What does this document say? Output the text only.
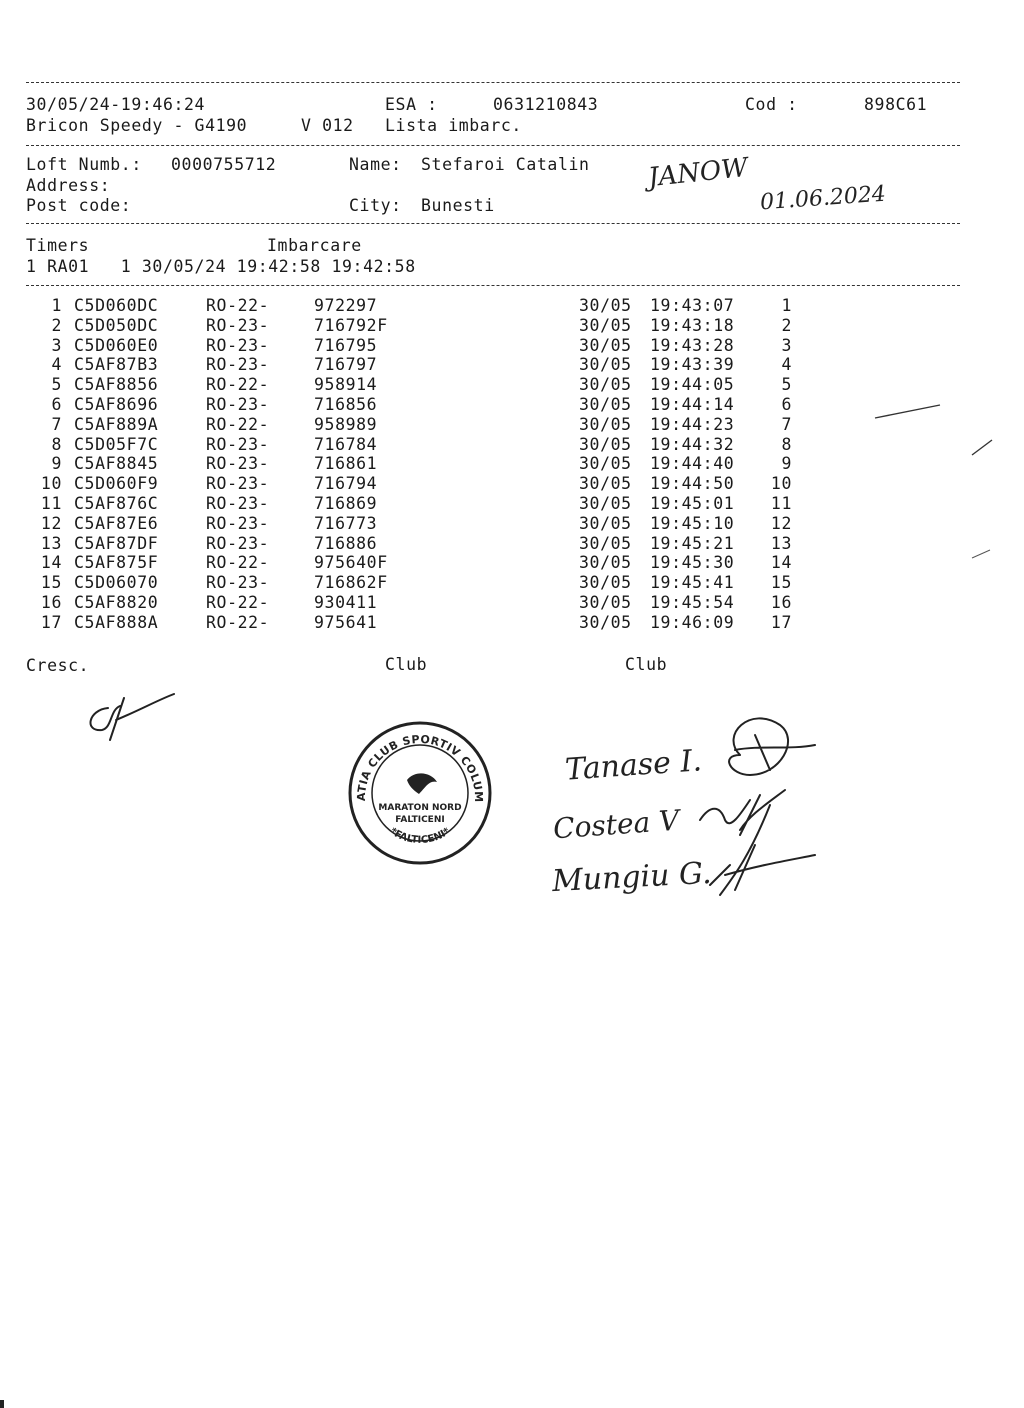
30/05/24-19:46:24	ESA :	0631210843	Cod :	898C61
Bricon Speedy - G4190	V 012 Lista imbarc.
Loft Numb.: 0000755712	Name: Stefaroi Catalin
Address:
Post code:	City: Bunesti
JANOW
01.06.2024
Timers	Imbarcare
1 RA01   1 30/05/24 19:42:58 19:42:58
1 C5D060DC	RO-22-	972297	30/05 19:43:07	1
2 C5D050DC	RO-23-	716792F	30/05 19:43:18	2
3 C5D060E0	RO-23-	716795	30/05 19:43:28	3
4 C5AF87B3	RO-23-	716797	30/05 19:43:39	4
5 C5AF8856	RO-22-	958914	30/05 19:44:05	5
6 C5AF8696	RO-23-	716856	30/05 19:44:14	6
7 C5AF889A	RO-22-	958989	30/05 19:44:23	7
8 C5D05F7C	RO-23-	716784	30/05 19:44:32	8
9 C5AF8845	RO-23-	716861	30/05 19:44:40	9
10 C5D060F9	RO-23-	716794	30/05 19:44:50	10
11 C5AF876C	RO-23-	716869	30/05 19:45:01	11
12 C5AF87E6	RO-23-	716773	30/05 19:45:10	12
13 C5AF87DF	RO-23-	716886	30/05 19:45:21	13
14 C5AF875F	RO-22-	975640F	30/05 19:45:30	14
15 C5D06070	RO-23-	716862F	30/05 19:45:41	15
16 C5AF8820	RO-22-	930411	30/05 19:45:54	16
17 C5AF888A	RO-22-	975641	30/05 19:46:09	17
Cresc.	Club	Club
ASOCIATIA CLUB SPORTIV COLUMBOFIL
*FALTICENI*
MARATON NORD
FALTICENI
Tanase I.
Costea V
Mungiu G.
